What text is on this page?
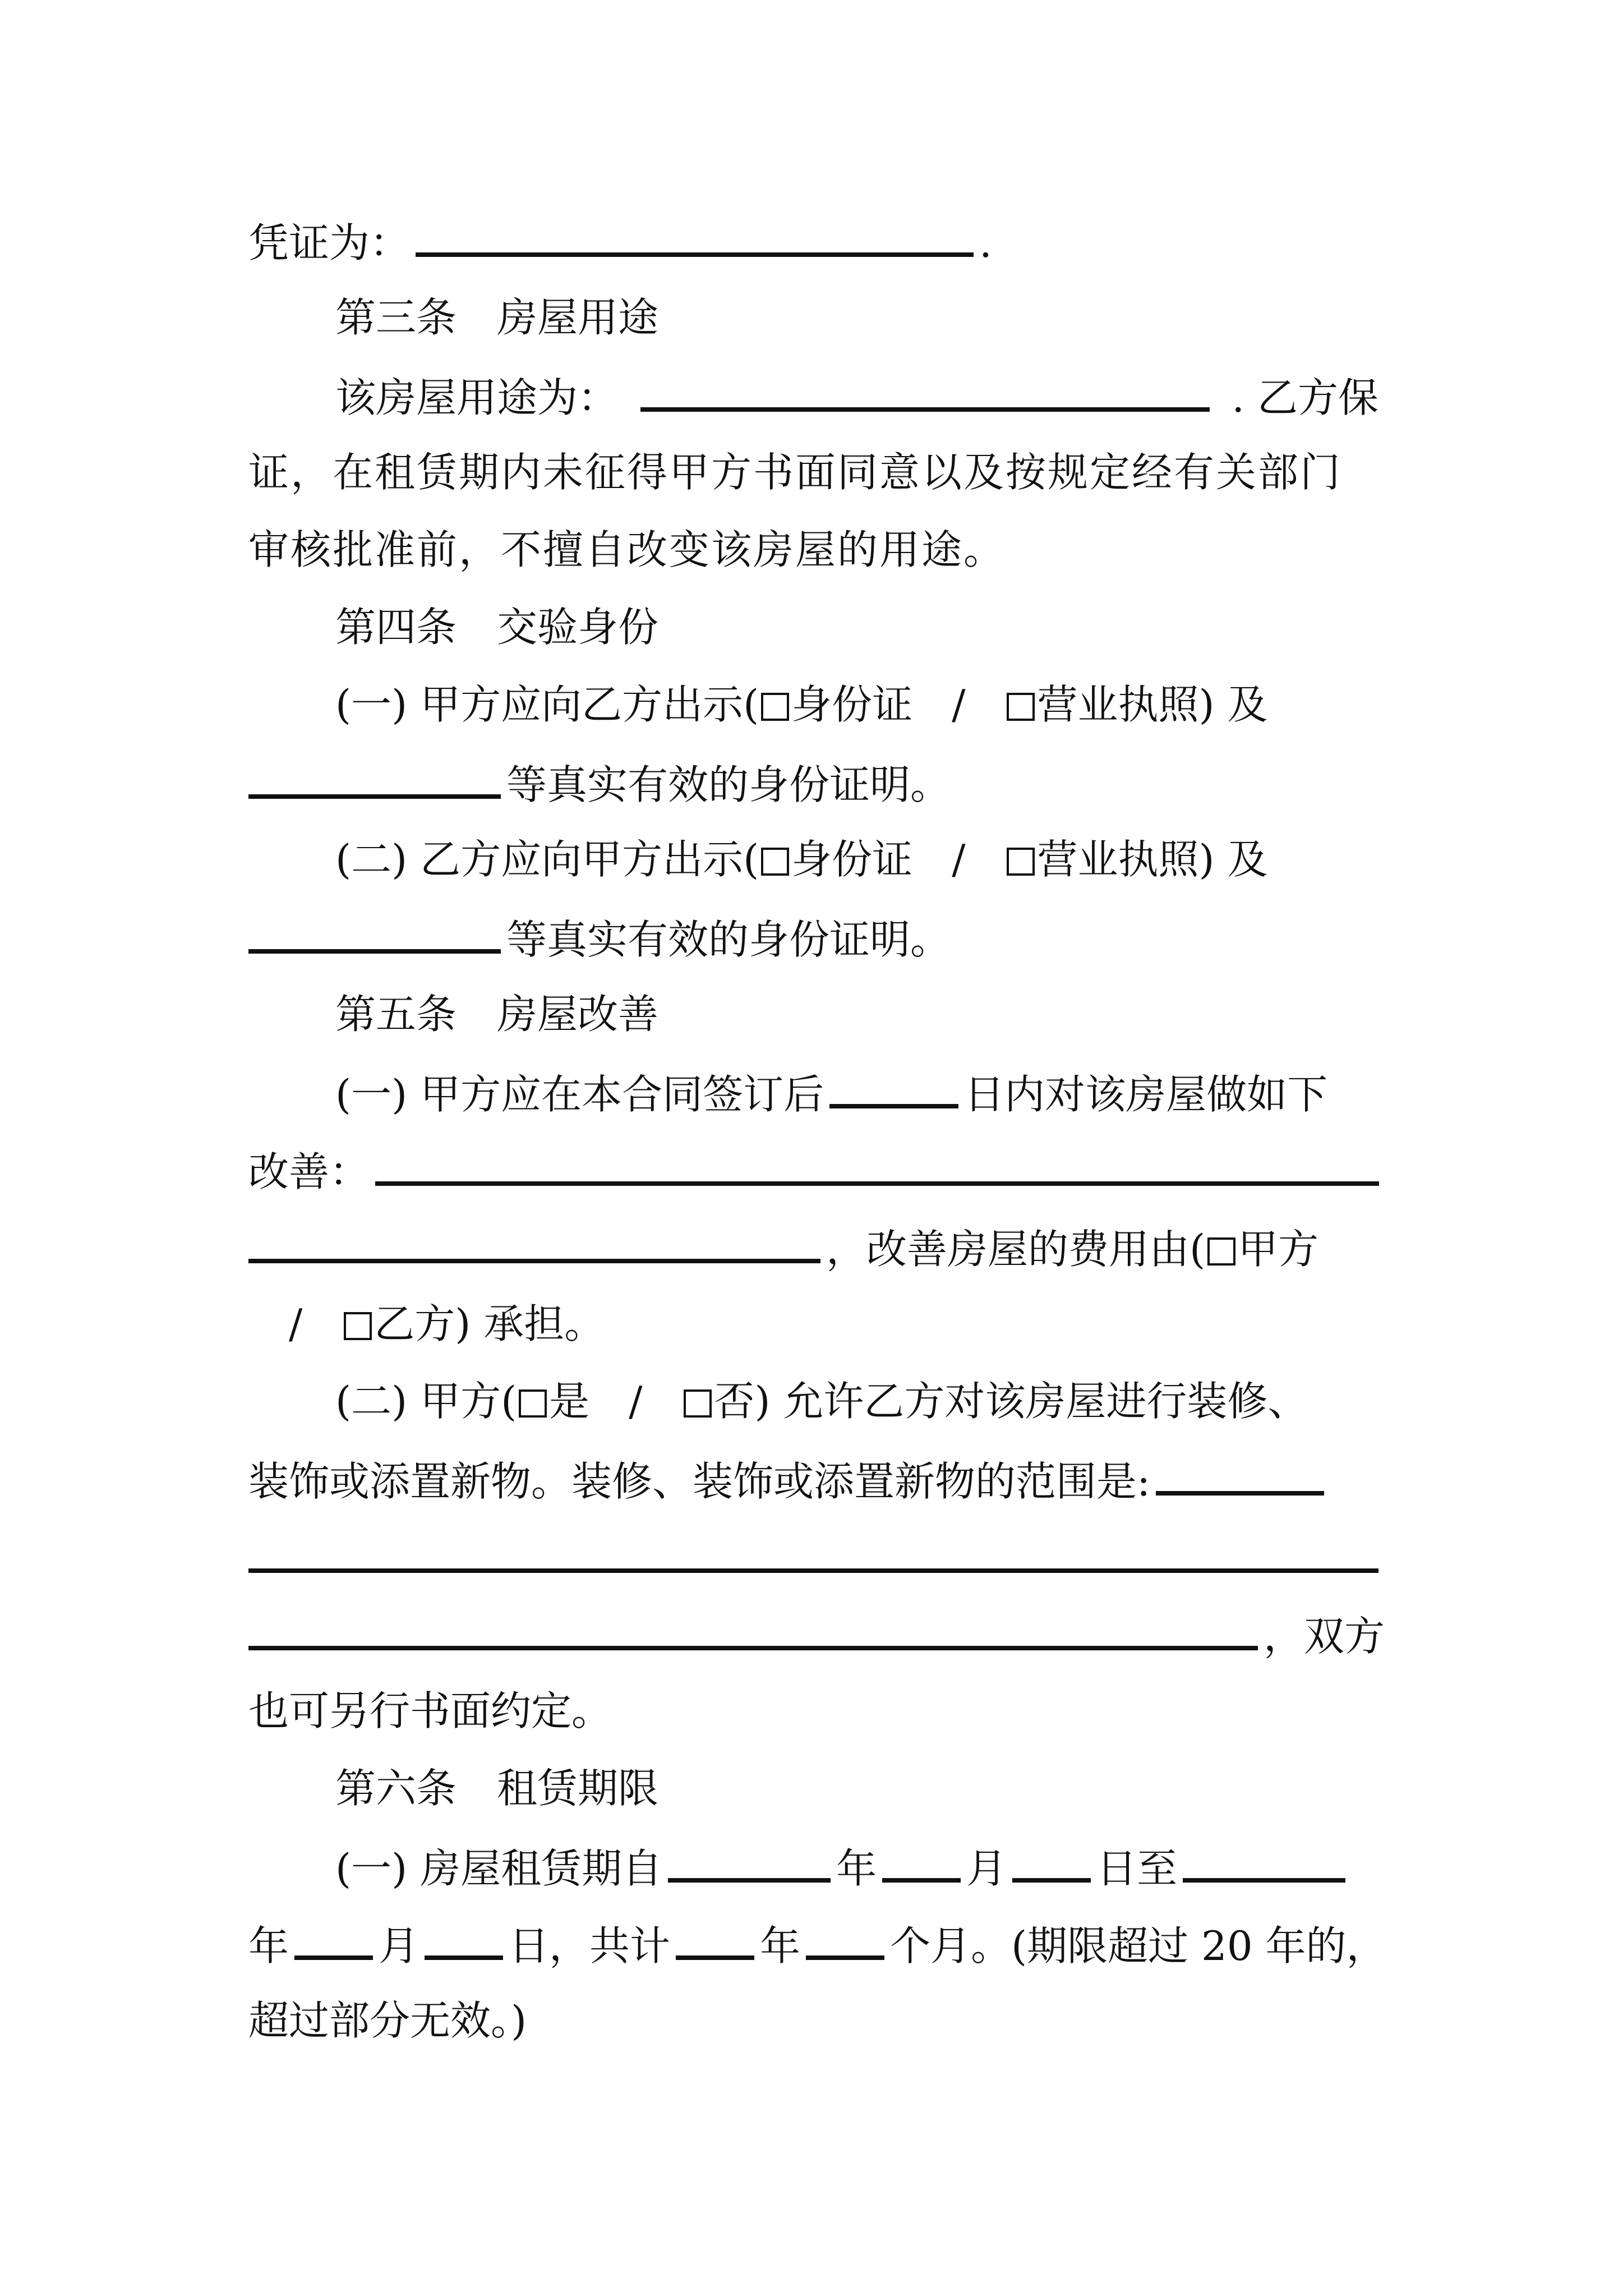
凭证为：	.
第三条　房屋用途
该房屋用途为：	. 乙方保
证，在租赁期内未征得甲方书面同意以及按规定经有关部门
审核批准前，不擅自改变该房屋的用途。
第四条　交验身份
(一) 甲方应向乙方出示( 身份证 / 营业执照) 及
等真实有效的身份证明。
(二) 乙方应向甲方出示( 身份证 / 营业执照) 及
等真实有效的身份证明。
第五条　房屋改善
(一) 甲方应在本合同签订后	日内对该房屋做如下
改善：
，改善房屋的费用由( 甲方
/ 乙方) 承担。
(二) 甲方( 是 / 否) 允许乙方对该房屋进行装修、
装饰或添置新物。装修、装饰或添置新物的范围是:
，双方
也可另行书面约定。
第六条　租赁期限
(一) 房屋租赁期自	年 月 日至
年 月 日，共计 年 个月。(期限超过 20 年的，
超过部分无效。)
